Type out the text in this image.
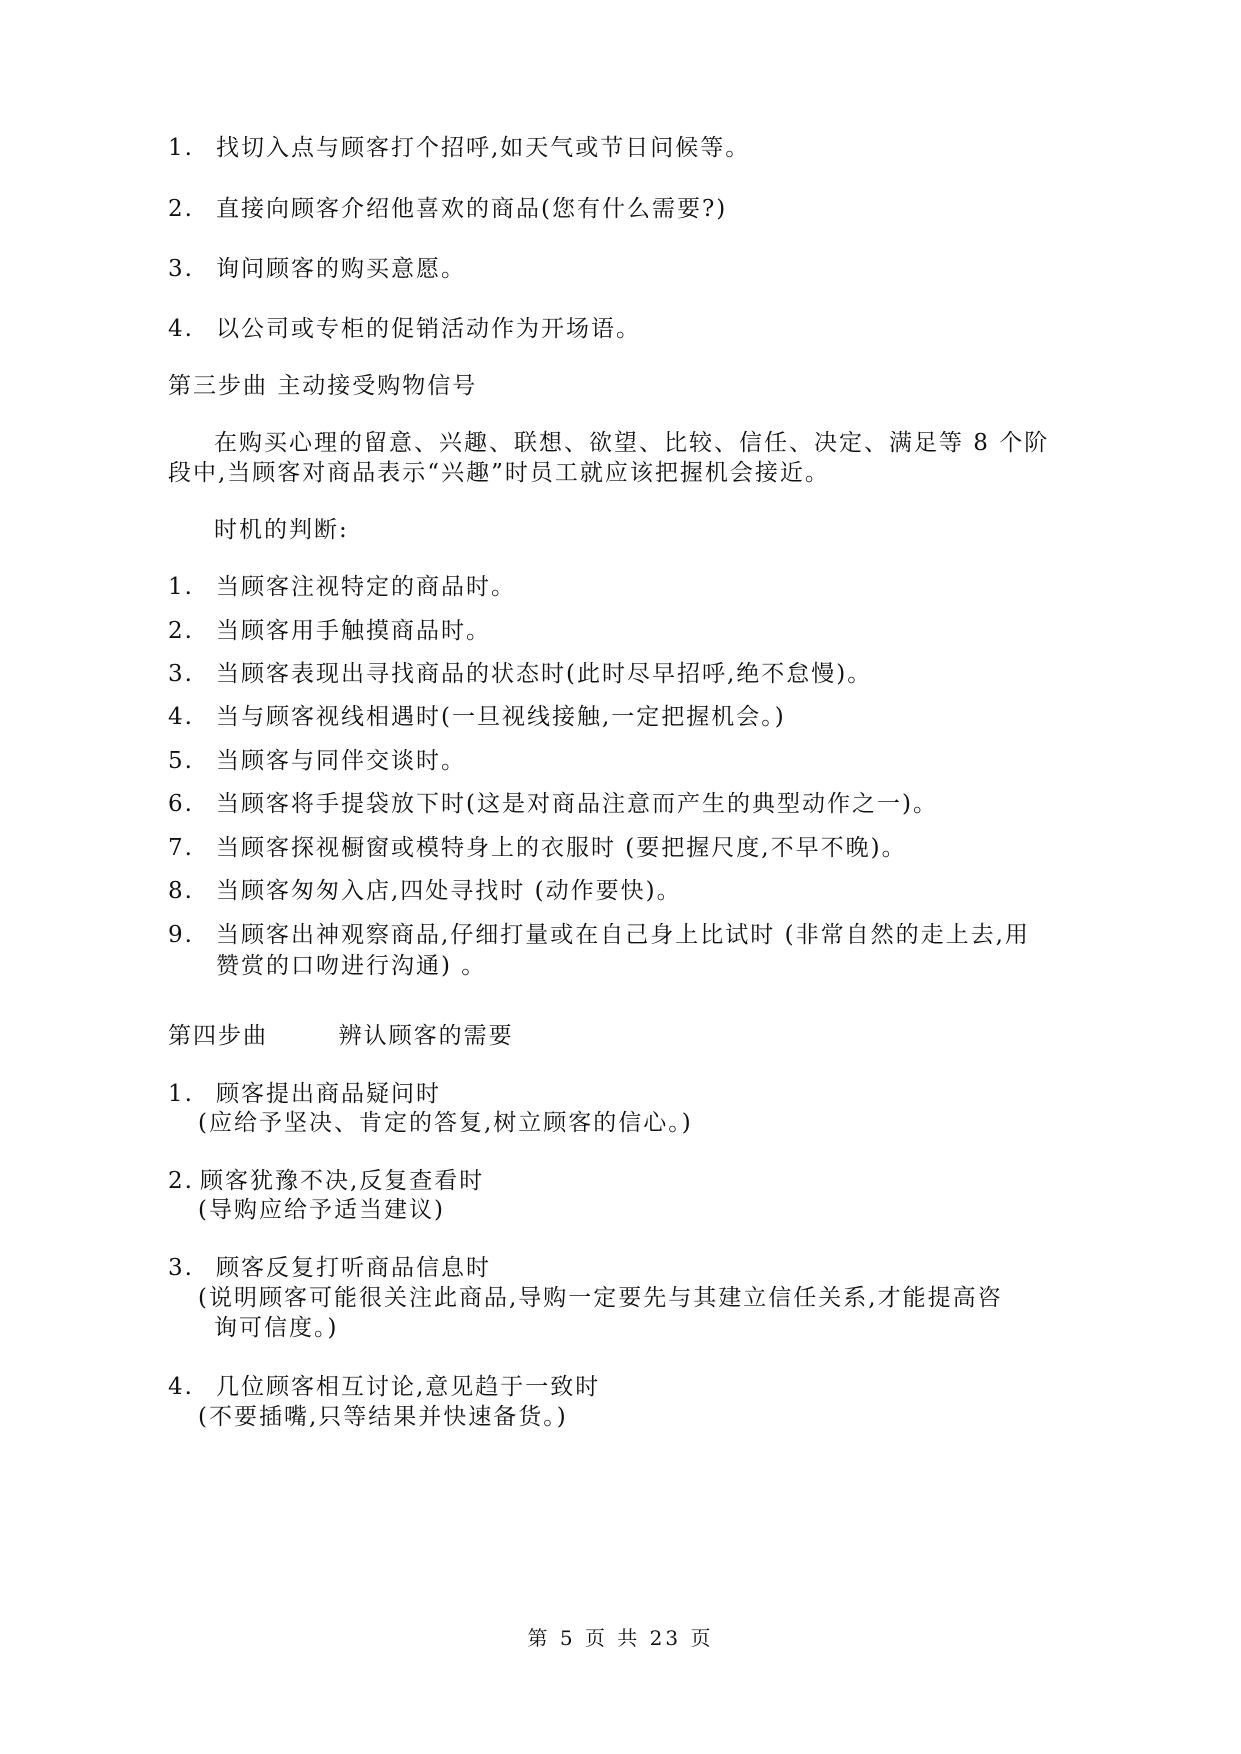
1. 找切入点与顾客打个招呼,如天气或节日问候等。
2. 直接向顾客介绍他喜欢的商品(您有什么需要?)
3. 询问顾客的购买意愿。
4. 以公司或专柜的促销活动作为开场语。
第三步曲 主动接受购物信号
在购买心理的留意、兴趣、联想、欲望、比较、信任、决定、满足等 8 个阶
段中,当顾客对商品表示“兴趣”时员工就应该把握机会接近。
时机的判断:
1. 当顾客注视特定的商品时。
2. 当顾客用手触摸商品时。
3. 当顾客表现出寻找商品的状态时(此时尽早招呼,绝不怠慢)。
4. 当与顾客视线相遇时(一旦视线接触,一定把握机会。)
5. 当顾客与同伴交谈时。
6. 当顾客将手提袋放下时(这是对商品注意而产生的典型动作之一)。
7. 当顾客探视橱窗或模特身上的衣服时 (要把握尺度,不早不晚)。
8. 当顾客匆匆入店,四处寻找时 (动作要快)。
9. 当顾客出神观察商品,仔细打量或在自己身上比试时 (非常自然的走上去,用
赞赏的口吻进行沟通) 。
第四步曲	辨认顾客的需要
1. 顾客提出商品疑问时
(应给予坚决、肯定的答复,树立顾客的信心。)
2. 顾客犹豫不决,反复查看时
(导购应给予适当建议)
3. 顾客反复打听商品信息时
(说明顾客可能很关注此商品,导购一定要先与其建立信任关系,才能提高咨
询可信度。)
4. 几位顾客相互讨论,意见趋于一致时
(不要插嘴,只等结果并快速备货。)
第 5 页 共 23 页
